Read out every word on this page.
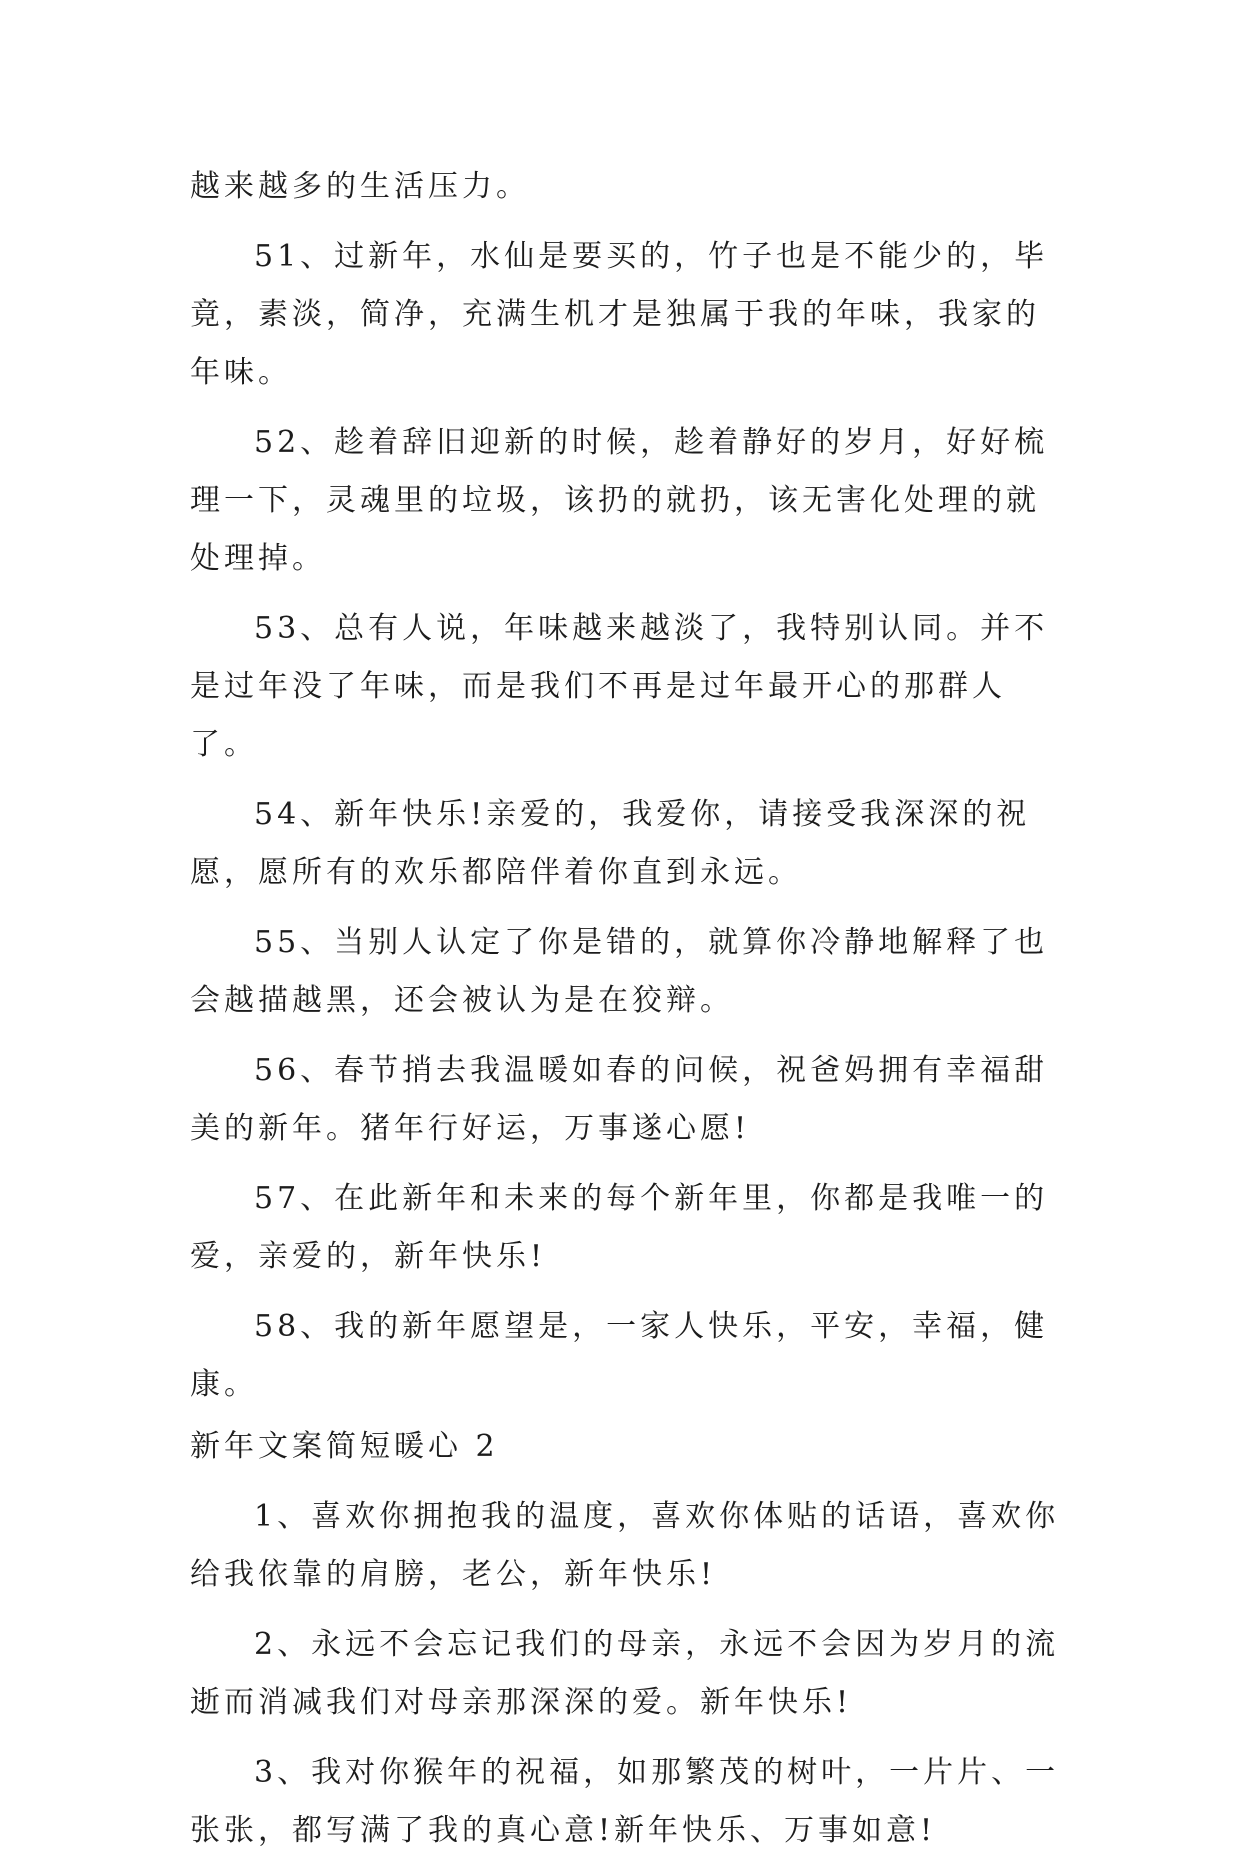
越来越多的生活压力。

51、过新年，水仙是要买的，竹子也是不能少的，毕竟，素淡，简净，充满生机才是独属于我的年味，我家的年味。

52、趁着辞旧迎新的时候，趁着静好的岁月，好好梳理一下，灵魂里的垃圾，该扔的就扔，该无害化处理的就处理掉。

53、总有人说，年味越来越淡了，我特别认同。并不是过年没了年味，而是我们不再是过年最开心的那群人了。

54、新年快乐!亲爱的，我爱你，请接受我深深的祝愿，愿所有的欢乐都陪伴着你直到永远。

55、当别人认定了你是错的，就算你冷静地解释了也会越描越黑，还会被认为是在狡辩。

56、春节捎去我温暖如春的问候，祝爸妈拥有幸福甜美的新年。猪年行好运，万事遂心愿!

57、在此新年和未来的每个新年里，你都是我唯一的爱，亲爱的，新年快乐!

58、我的新年愿望是，一家人快乐，平安，幸福，健康。

新年文案简短暖心 2

1、喜欢你拥抱我的温度，喜欢你体贴的话语，喜欢你给我依靠的肩膀，老公，新年快乐!

2、永远不会忘记我们的母亲，永远不会因为岁月的流逝而消减我们对母亲那深深的爱。新年快乐!

3、我对你猴年的祝福，如那繁茂的树叶，一片片、一张张，都写满了我的真心意!新年快乐、万事如意!
